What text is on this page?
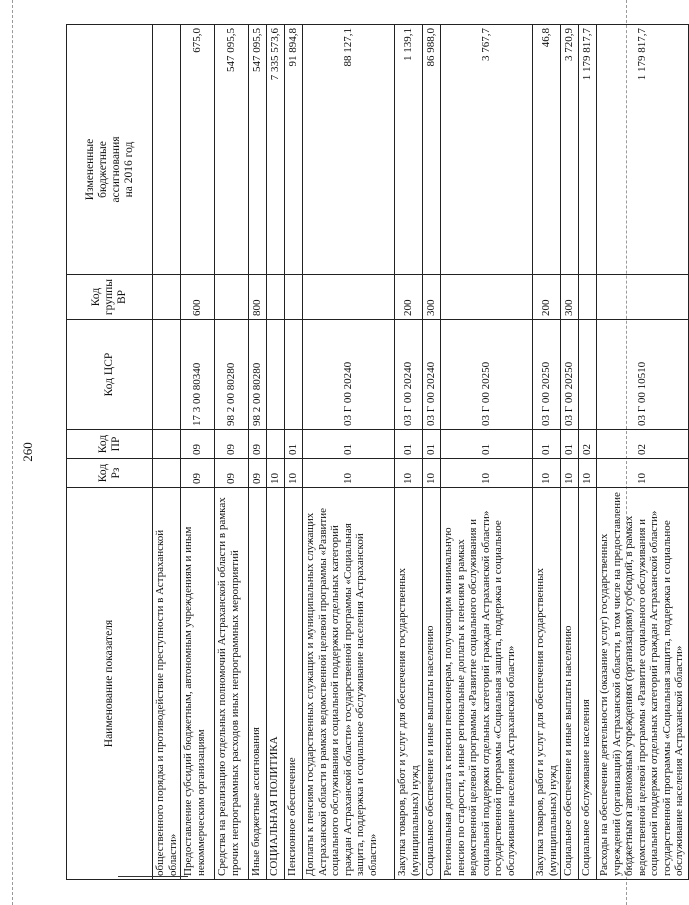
260
Наименование показателя	Код Рз	Код ПР	Код ЦСР	Код группы ВР	Измененные бюджетные ассигнования на 2016 год
общественного порядка и противодействие преступности в Астраханской области»					
Предоставление субсидий бюджетным, автономным учреждениям и иным некоммерческим организациям	09	09	17 3 00 80340	600	675,0
Средства на реализацию отдельных полномочий Астраханской области в рамках прочих непрограммных расходов иных непрограммных мероприятий	09	09	98 2 00 80280		547 095,5
Иные бюджетные ассигнования	09	09	98 2 00 80280	800	547 095,5
СОЦИАЛЬНАЯ ПОЛИТИКА	10				7 335 573,6
Пенсионное обеспечение	10	01			91 894,8
Доплаты к пенсиям государственных служащих и муниципальных служащих Астраханской области в рамках ведомственной целевой программы «Развитие социального обслуживания и социальной поддержки отдельных категорий граждан Астраханской области» государственной программы «Социальная защита, поддержка и социальное обслуживание населения Астраханской области»	10	01	03 Г 00 20240		88 127,1
Закупка товаров, работ и услуг для обеспечения государственных (муниципальных) нужд	10	01	03 Г 00 20240	200	1 139,1
Социальное обеспечение и иные выплаты населению	10	01	03 Г 00 20240	300	86 988,0
Региональная доплата к пенсии пенсионерам, получающим минимальную пенсию по старости, и иные региональные доплаты к пенсиям в рамках ведомственной целевой программы «Развитие социального обслуживания и социальной поддержки отдельных категорий граждан Астраханской области» государственной программы «Социальная защита, поддержка и социальное обслуживание населения Астраханской области»	10	01	03 Г 00 20250		3 767,7
Закупка товаров, работ и услуг для обеспечения государственных (муниципальных) нужд	10	01	03 Г 00 20250	200	46,8
Социальное обеспечение и иные выплаты населению	10	01	03 Г 00 20250	300	3 720,9
Социальное обслуживание населения	10	02			1 179 817,7
Расходы на обеспечение деятельности (оказание услуг) государственных учреждений (организаций) Астраханской области, в том числе на предоставление бюджетным и автономным учреждениям (организациям) субсидий, в рамках ведомственной целевой программы «Развитие социального обслуживания и социальной поддержки отдельных категорий граждан Астраханской области» государственной программы «Социальная защита, поддержка и социальное обслуживание населения Астраханской области»	10	02	03 Г 00 10510		1 179 817,7
